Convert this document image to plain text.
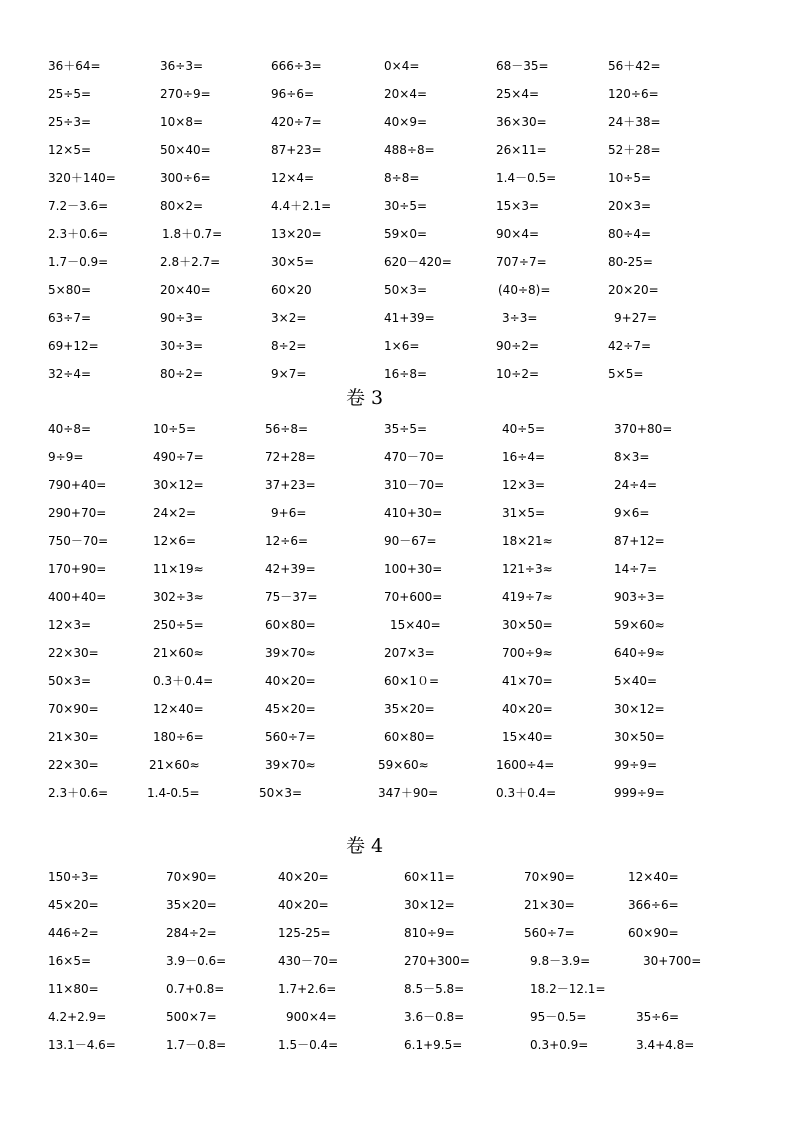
36＋64=	36÷3=	666÷3=	0×4=	68－35=	56＋42=
25÷5=	270÷9=	96÷6=	20×4=	25×4=	120÷6=
25÷3=	10×8=	420÷7=	40×9=	36×30=	24＋38=
12×5=	50×40=	87+23=	488÷8=	26×11=	52＋28=
320＋140=	300÷6=	12×4=	8÷8=	1.4－0.5=	10÷5=
7.2－3.6=	80×2=	4.4＋2.1=	30÷5=	15×3=	20×3=
2.3＋0.6=	1.8＋0.7=	13×20=	59×0=	90×4=	80÷4=
1.7－0.9=	2.8＋2.7=	30×5=	620－420=	707÷7=	80-25=
5×80=	20×40=	60×20	50×3=	(40÷8)=	20×20=
63÷7=	90÷3=	3×2=	41+39=	3÷3=	9+27=
69+12=	30÷3=	8÷2=	1×6=	90÷2=	42÷7=
32÷4=	80÷2=	9×7=	16÷8=	10÷2=	5×5=
卷 3
40÷8=	10÷5=	56÷8=	35÷5=	40÷5=	370+80=
9÷9=	490÷7=	72+28=	470－70=	16÷4=	8×3=
790+40=	30×12=	37+23=	310－70=	12×3=	24÷4=
290+70=	24×2=	9+6=	410+30=	31×5=	9×6=
750－70=	12×6=	12÷6=	90－67=	18×21≈	87+12=
170+90=	11×19≈	42+39=	100+30=	121÷3≈	14÷7=
400+40=	302÷3≈	75－37=	70+600=	419÷7≈	903÷3=
12×3=	250÷5=	60×80=	15×40=	30×50=	59×60≈
22×30=	21×60≈	39×70≈	207×3=	700÷9≈	640÷9≈
50×3=	0.3＋0.4=	40×20=	60×1０=	41×70=	5×40=
70×90=	12×40=	45×20=	35×20=	40×20=	30×12=
21×30=	180÷6=	560÷7=	60×80=	15×40=	30×50=
22×30=	21×60≈	39×70≈	59×60≈	1600÷4=	99÷9=
2.3＋0.6=	1.4-0.5=	50×3=	347＋90=	0.3＋0.4=	999÷9=
卷 4
150÷3=	70×90=	40×20=	60×11=	70×90=	12×40=
45×20=	35×20=	40×20=	30×12=	21×30=	366÷6=
446÷2=	284÷2=	125-25=	810÷9=	560÷7=	60×90=
16×5=	3.9－0.6=	430－70=	270+300=	9.8－3.9=	30+700=
11×80=	0.7+0.8=	1.7+2.6=	8.5－5.8=	18.2－12.1=
4.2+2.9=	500×7=	900×4=	3.6－0.8=	95－0.5=	35÷6=
13.1－4.6=	1.7－0.8=	1.5－0.4=	6.1+9.5=	0.3+0.9=	3.4+4.8=
